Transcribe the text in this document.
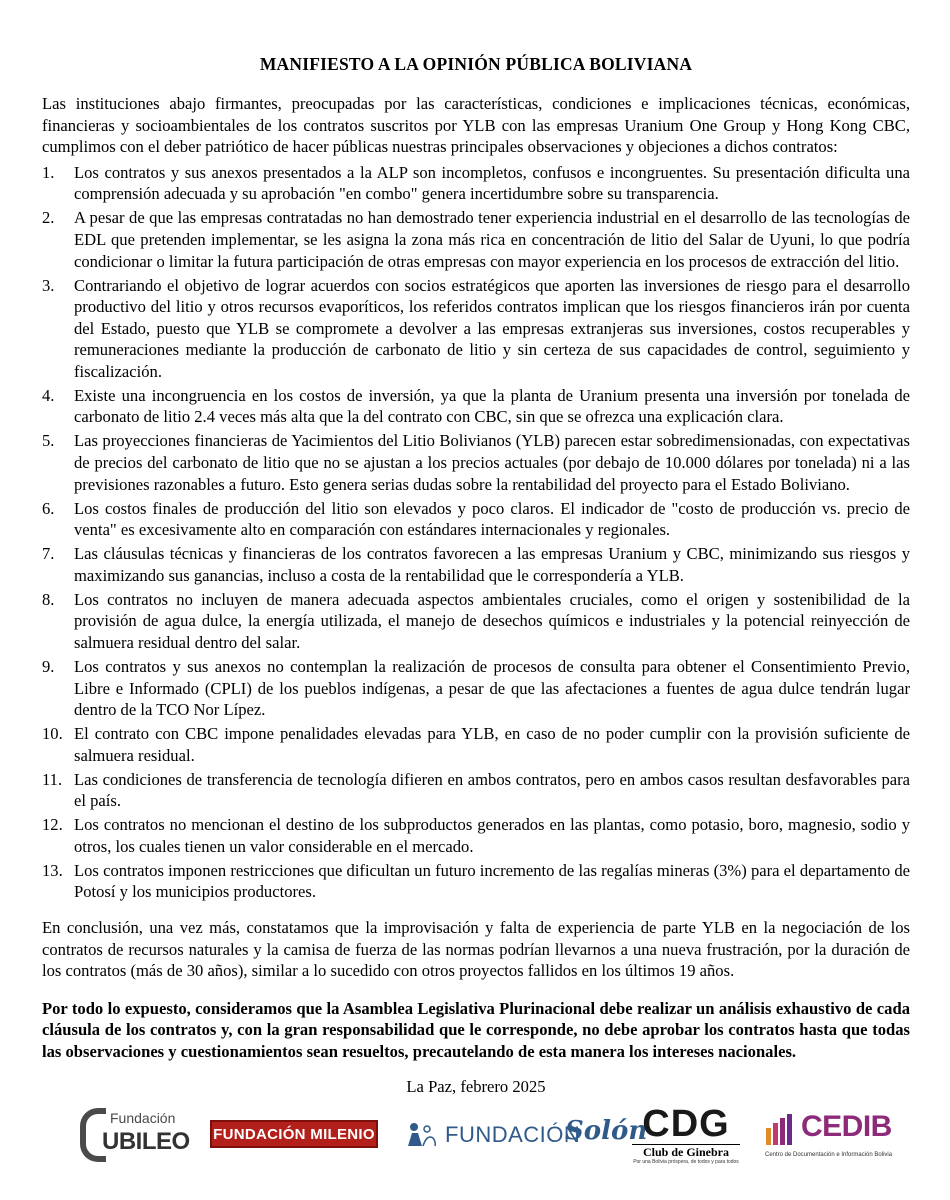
MANIFIESTO A LA OPINIÓN PÚBLICA BOLIVIANA

Las instituciones abajo firmantes, preocupadas por las características, condiciones e implicaciones técnicas, económicas, financieras y socioambientales de los contratos suscritos por YLB con las empresas Uranium One Group y Hong Kong CBC, cumplimos con el deber patriótico de hacer públicas nuestras principales observaciones y objeciones a dichos contratos:

1.	Los contratos y sus anexos presentados a la ALP son incompletos, confusos e incongruentes. Su presentación dificulta una comprensión adecuada y su aprobación "en combo" genera incertidumbre sobre su transparencia.
2.	A pesar de que las empresas contratadas no han demostrado tener experiencia industrial en el desarrollo de las tecnologías de EDL que pretenden implementar, se les asigna la zona más rica en concentración de litio del Salar de Uyuni, lo que podría condicionar o limitar la futura participación de otras empresas con mayor experiencia en los procesos de extracción del litio.
3.	Contrariando el objetivo de lograr acuerdos con socios estratégicos que aporten las inversiones de riesgo para el desarrollo productivo del litio y otros recursos evaporíticos, los referidos contratos implican que los riesgos financieros irán por cuenta del Estado, puesto que YLB se compromete a devolver a las empresas extranjeras sus inversiones, costos recuperables y remuneraciones mediante la producción de carbonato de litio y sin certeza de sus capacidades de control, seguimiento y fiscalización.
4.	Existe una incongruencia en los costos de inversión, ya que la planta de Uranium presenta una inversión por tonelada de carbonato de litio 2.4 veces más alta que la del contrato con CBC, sin que se ofrezca una explicación clara.
5.	Las proyecciones financieras de Yacimientos del Litio Bolivianos (YLB) parecen estar sobredimensionadas, con expectativas de precios del carbonato de litio que no se ajustan a los precios actuales (por debajo de 10.000 dólares por tonelada) ni a las previsiones razonables a futuro. Esto genera serias dudas sobre la rentabilidad del proyecto para el Estado Boliviano.
6.	Los costos finales de producción del litio son elevados y poco claros. El indicador de "costo de producción vs. precio de venta" es excesivamente alto en comparación con estándares internacionales y regionales.
7.	Las cláusulas técnicas y financieras de los contratos favorecen a las empresas Uranium y CBC, minimizando sus riesgos y maximizando sus ganancias, incluso a costa de la rentabilidad que le correspondería a YLB.
8.	Los contratos no incluyen de manera adecuada aspectos ambientales cruciales, como el origen y sostenibilidad de la provisión de agua dulce, la energía utilizada, el manejo de desechos químicos e industriales y la potencial reinyección de salmuera residual dentro del salar.
9.	Los contratos y sus anexos no contemplan la realización de procesos de consulta para obtener el Consentimiento Previo, Libre e Informado (CPLI) de los pueblos indígenas, a pesar de que las afectaciones a fuentes de agua dulce tendrán lugar dentro de la TCO Nor Lípez.
10. El contrato con CBC impone penalidades elevadas para YLB, en caso de no poder cumplir con la provisión suficiente de salmuera residual.
11. Las condiciones de transferencia de tecnología difieren en ambos contratos, pero en ambos casos resultan desfavorables para el país.
12. Los contratos no mencionan el destino de los subproductos generados en las plantas, como potasio, boro, magnesio, sodio y otros, los cuales tienen un valor considerable en el mercado.
13. Los contratos imponen restricciones que dificultan un futuro incremento de las regalías mineras (3%) para el departamento de Potosí y los municipios productores.

En conclusión, una vez más, constatamos que la improvisación y falta de experiencia de parte YLB en la negociación de los contratos de recursos naturales y la camisa de fuerza de las normas podrían llevarnos a una nueva frustración, por la duración de los contratos (más de 30 años), similar a lo sucedido con otros proyectos fallidos en los últimos 19 años.

Por todo lo expuesto, consideramos que la Asamblea Legislativa Plurinacional debe realizar un análisis exhaustivo de cada cláusula de los contratos y, con la gran responsabilidad que le corresponde, no debe aprobar los contratos hasta que todas las observaciones y cuestionamientos sean resueltos, precautelando de esta manera los intereses nacionales.

La Paz, febrero 2025
Fundación
UBILEO FUNDACIÓN MILENIO	FUNDACIÓN
Solón
CDG
Club de Ginebra
Por una Bolivia próspera, de todos y para todos
CEDIB
Centro de Documentación e Información Bolivia
